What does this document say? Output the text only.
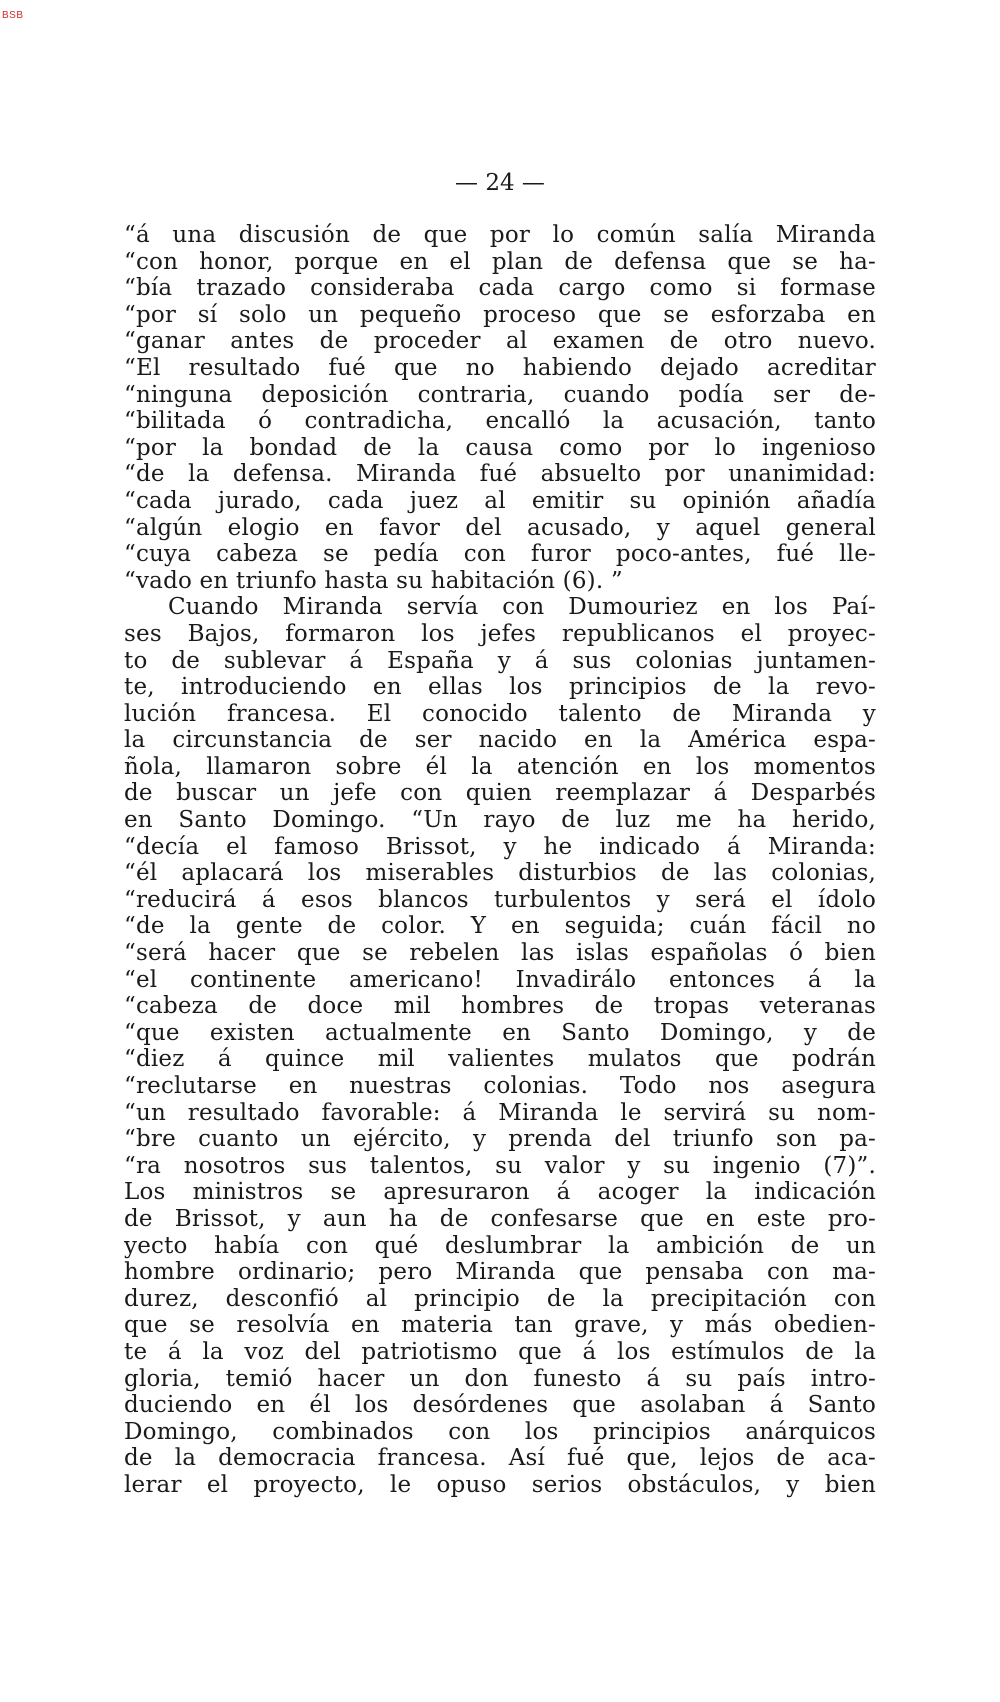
BSB
— 24 —
“á una discusión de que por lo común salía Miranda
“con honor, porque en el plan de defensa que se ha-
“bía trazado consideraba cada cargo como si formase
“por sí solo un pequeño proceso que se esforzaba en
“ganar antes de proceder al examen de otro nuevo.
“El resultado fué que no habiendo dejado acreditar
“ninguna deposición contraria, cuando podía ser de-
“bilitada ó contradicha, encalló la acusación, tanto
“por la bondad de la causa como por lo ingenioso
“de la defensa. Miranda fué absuelto por unanimidad:
“cada jurado, cada juez al emitir su opinión añadía
“algún elogio en favor del acusado, y aquel general
“cuya cabeza se pedía con furor poco-antes, fué lle-
“vado en triunfo hasta su habitación (6). ”
Cuando Miranda servía con Dumouriez en los Paí-
ses Bajos, formaron los jefes republicanos el proyec-
to de sublevar á España y á sus colonias juntamen-
te, introduciendo en ellas los principios de la revo-
lución francesa. El conocido talento de Miranda y
la circunstancia de ser nacido en la América espa-
ñola, llamaron sobre él la atención en los momentos
de buscar un jefe con quien reemplazar á Desparbés
en Santo Domingo. “Un rayo de luz me ha herido,
“decía el famoso Brissot, y he indicado á Miranda:
“él aplacará los miserables disturbios de las colonias,
“reducirá á esos blancos turbulentos y será el ídolo
“de la gente de color. Y en seguida; cuán fácil no
“será hacer que se rebelen las islas españolas ó bien
“el continente americano! Invadirálo entonces á la
“cabeza de doce mil hombres de tropas veteranas
“que existen actualmente en Santo Domingo, y de
“diez á quince mil valientes mulatos que podrán
“reclutarse en nuestras colonias. Todo nos asegura
“un resultado favorable: á Miranda le servirá su nom-
“bre cuanto un ejército, y prenda del triunfo son pa-
“ra nosotros sus talentos, su valor y su ingenio (7)”.
Los ministros se apresuraron á acoger la indicación
de Brissot, y aun ha de confesarse que en este pro-
yecto había con qué deslumbrar la ambición de un
hombre ordinario; pero Miranda que pensaba con ma-
durez, desconfió al principio de la precipitación con
que se resolvía en materia tan grave, y más obedien-
te á la voz del patriotismo que á los estímulos de la
gloria, temió hacer un don funesto á su país intro-
duciendo en él los desórdenes que asolaban á Santo
Domingo, combinados con los principios anárquicos
de la democracia francesa. Así fué que, lejos de aca-
lerar el proyecto, le opuso serios obstáculos, y bien
